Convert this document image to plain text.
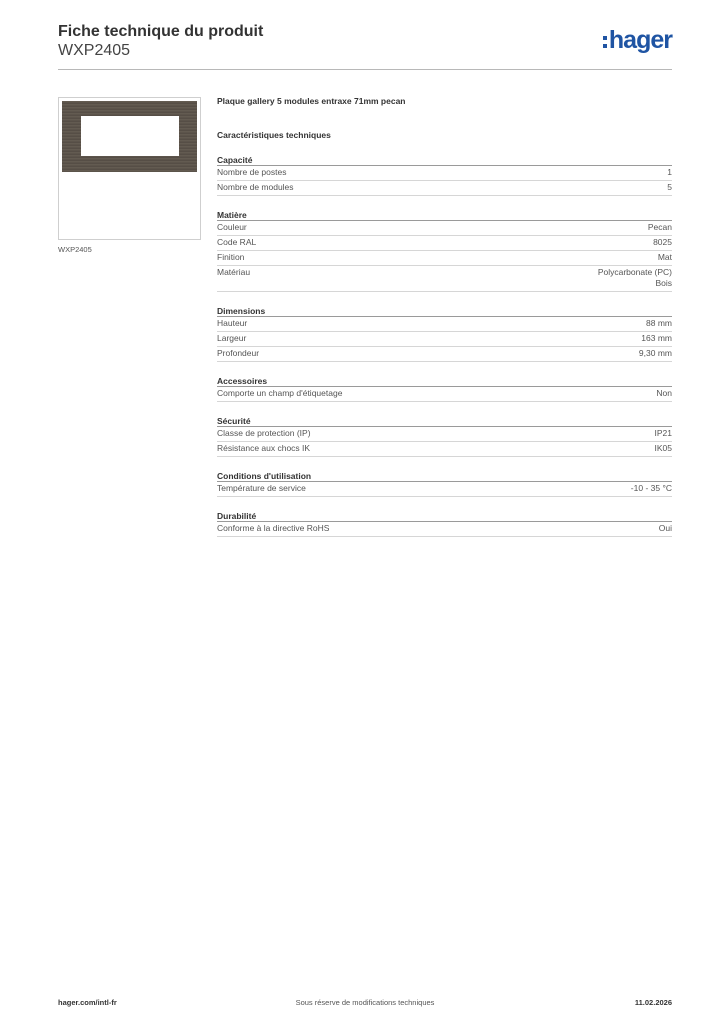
Fiche technique du produit
WXP2405	hager
WXP2405
Plaque gallery 5 modules entraxe 71mm pecan
Caractéristiques techniques
Capacité
Nombre de postes	1
Nombre de modules	5
Matière
Couleur	Pecan
Code RAL	8025
Finition	Mat
Matériau	Polycarbonate (PC)
Bois
Dimensions
Hauteur	88 mm
Largeur	163 mm
Profondeur	9,30 mm
Accessoires
Comporte un champ d'étiquetage	Non
Sécurité
Classe de protection (IP)	IP21
Résistance aux chocs IK	IK05
Conditions d'utilisation
Température de service	-10 - 35 °C
Durabilité
Conforme à la directive RoHS	Oui
hager.com/intl-fr	Sous réserve de modifications techniques	11.02.2026
